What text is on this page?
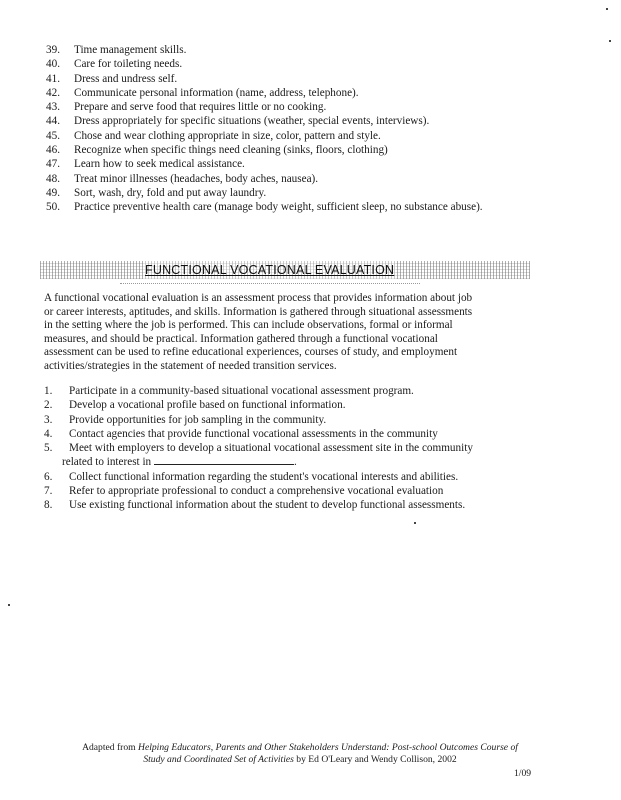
39.	Time management skills.
40.	Care for toileting needs.
41.	Dress and undress self.
42.	Communicate personal information (name, address, telephone).
43.	Prepare and serve food that requires little or no cooking.
44.	Dress appropriately for specific situations (weather, special events, interviews).
45.	Chose and wear clothing appropriate in size, color, pattern and style.
46.	Recognize when specific things need cleaning (sinks, floors, clothing)
47.	Learn how to seek medical assistance.
48.	Treat minor illnesses (headaches, body aches, nausea).
49.	Sort, wash, dry, fold and put away laundry.
50.	Practice preventive health care (manage body weight, sufficient sleep, no substance abuse).
FUNCTIONAL VOCATIONAL EVALUATION
A functional vocational evaluation is an assessment process that provides information about job
or career interests, aptitudes, and skills. Information is gathered through situational assessments
in the setting where the job is performed. This can include observations, formal or informal
measures, and should be practical. Information gathered through a functional vocational
assessment can be used to refine educational experiences, courses of study, and employment
activities/strategies in the statement of needed transition services.
1.	Participate in a community-based situational vocational assessment program.
2.	Develop a vocational profile based on functional information.
3.	Provide opportunities for job sampling in the community.
4.	Contact agencies that provide functional vocational assessments in the community
5.	Meet with employers to develop a situational vocational assessment site in the community
related to interest in	.
6.	Collect functional information regarding the student's vocational interests and abilities.
7.	Refer to appropriate professional to conduct a comprehensive vocational evaluation
8.	Use existing functional information about the student to develop functional assessments.
Adapted from Helping Educators, Parents and Other Stakeholders Understand: Post-school Outcomes Course of
Study and Coordinated Set of Activities by Ed O'Leary and Wendy Collison, 2002
1/09
